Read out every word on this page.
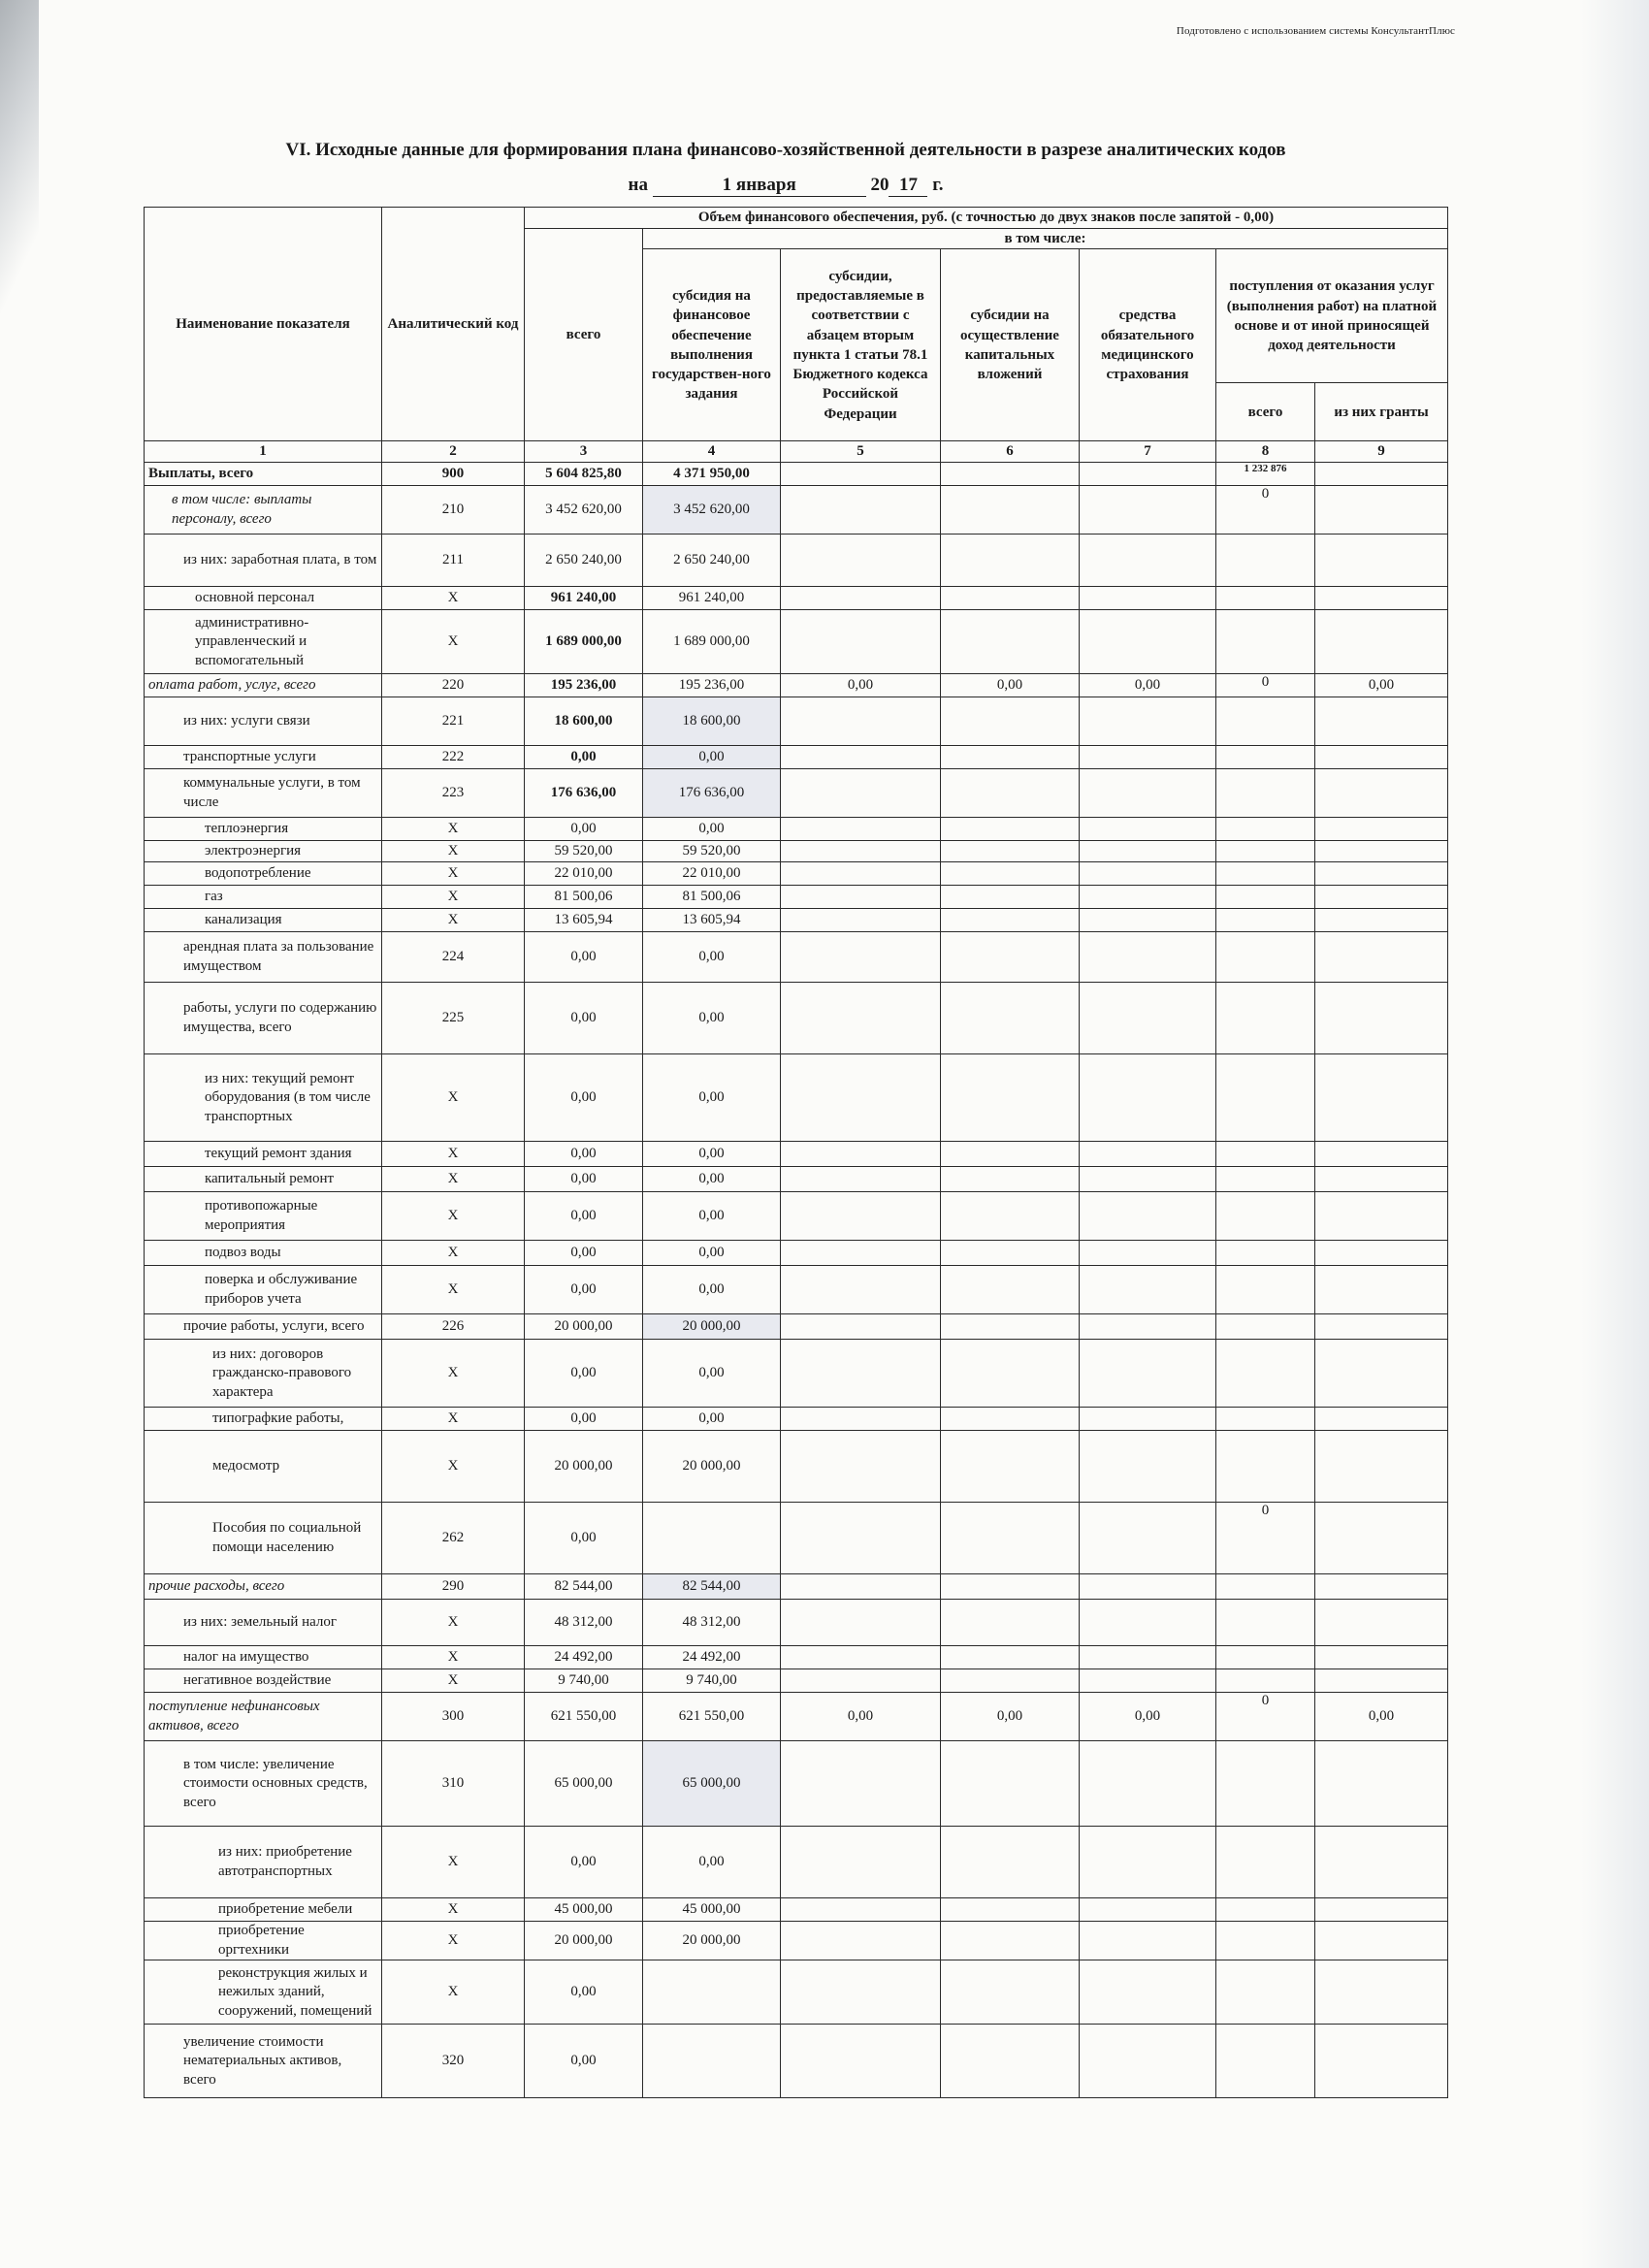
Подготовлено с использованием системы КонсультантПлюс
VI. Исходные данные для формирования плана финансово-хозяйственной деятельности в разрезе аналитических кодов
на	1 января	20 17 г.
Наименование показателя	Аналитический код	Объем финансового обеспечения, руб. (с точностью до двух знаков после запятой - 0,00)						
		всего	в том числе:					
			субсидия на финансовое обеспечение выполнения государствен-ного задания	субсидии, предоставляемые в соответствии с абзацем вторым пункта 1 статьи 78.1 Бюджетного кодекса Российской Федерации	субсидии на осуществление капитальных вложений	средства обязательного медицинского страхования	поступления от оказания услуг (выполнения работ) на платной основе и от иной приносящей доход деятельности	
							всего	из них гранты
1	2	3	4	5	6	7	8	9
Выплаты, всего	900	5 604 825,80	4 371 950,00				1 232 876	
в том числе: выплаты персоналу, всего	210	3 452 620,00	3 452 620,00				0	
из них: заработная плата, в том	211	2 650 240,00	2 650 240,00					
основной персонал	Х	961 240,00	961 240,00					
административно-управленческий и вспомогательный	Х	1 689 000,00	1 689 000,00					
оплата работ, услуг, всего	220	195 236,00	195 236,00	0,00	0,00	0,00	0	0,00
из них: услуги связи	221	18 600,00	18 600,00					
транспортные услуги	222	0,00	0,00					
коммунальные услуги, в том числе	223	176 636,00	176 636,00					
теплоэнергия	Х	0,00	0,00					
электроэнергия	Х	59 520,00	59 520,00					
водопотребление	Х	22 010,00	22 010,00					
газ	Х	81 500,06	81 500,06					
канализация	Х	13 605,94	13 605,94					
арендная плата за пользование имуществом	224	0,00	0,00					
работы, услуги по содержанию имущества, всего	225	0,00	0,00					
из них: текущий ремонт оборудования (в том числе транспортных	Х	0,00	0,00					
текущий ремонт здания	Х	0,00	0,00					
капитальный ремонт	Х	0,00	0,00					
противопожарные мероприятия	Х	0,00	0,00					
подвоз воды	Х	0,00	0,00					
поверка и обслуживание приборов учета	Х	0,00	0,00					
прочие работы, услуги, всего	226	20 000,00	20 000,00					
из них: договоров гражданско-правового характера	Х	0,00	0,00					
типографкие работы,	Х	0,00	0,00					
медосмотр	Х	20 000,00	20 000,00					
Пособия по социальной помощи населению	262	0,00					0	
прочие расходы, всего	290	82 544,00	82 544,00					
из них: земельный налог	Х	48 312,00	48 312,00					
налог на имущество	Х	24 492,00	24 492,00					
негативное воздействие	Х	9 740,00	9 740,00					
поступление нефинансовых активов, всего	300	621 550,00	621 550,00	0,00	0,00	0,00	0	0,00
в том числе: увеличение стоимости основных средств, всего	310	65 000,00	65 000,00					
из них: приобретение автотранспортных	Х	0,00	0,00					
приобретение мебели	Х	45 000,00	45 000,00					
приобретение оргтехники	Х	20 000,00	20 000,00					
реконструкция жилых и нежилых зданий, сооружений, помещений	Х	0,00						
увеличение стоимости нематериальных активов, всего	320	0,00						
